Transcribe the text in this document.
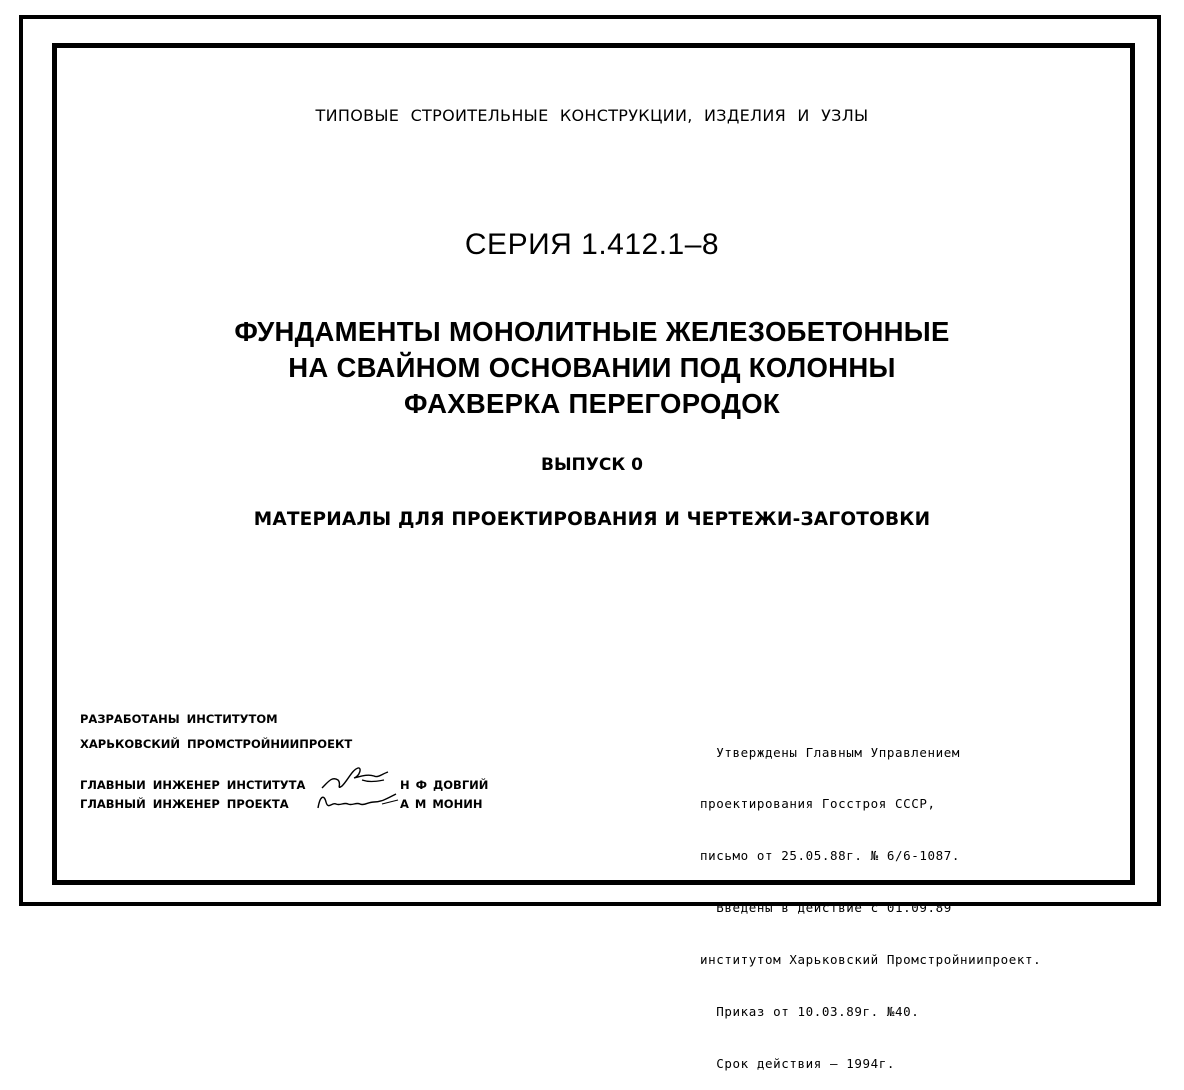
ТИПОВЫЕ СТРОИТЕЛЬНЫЕ КОНСТРУКЦИИ, ИЗДЕЛИЯ И УЗЛЫ
СЕРИЯ 1.412.1–8
ФУНДАМЕНТЫ МОНОЛИТНЫЕ ЖЕЛЕЗОБЕТОННЫЕ
НА СВАЙНОМ ОСНОВАНИИ ПОД КОЛОННЫ
ФАХВЕРКА ПЕРЕГОРОДОК
ВЫПУСК 0
МАТЕРИАЛЫ ДЛЯ ПРОЕКТИРОВАНИЯ И ЧЕРТЕЖИ-ЗАГОТОВКИ
РАЗРАБОТАНЫ ИНСТИТУТОМ
ХАРЬКОВСКИЙ ПРОМСТРОЙНИИПРОЕКТ
ГЛАВНЫИ ИНЖЕНЕР ИНСТИТУТА	Н Ф ДОВГИЙ
ГЛАВНЫЙ ИНЖЕНЕР ПРОЕКТА	А М МОНИН

Утверждены Главным Управлением

проектирования Госстроя СССР,

письмо от 25.05.88г. № 6/6-1087.

Введены в действие с 01.09.89

институтом Харьковский Промстройниипроект.

Приказ от 10.03.89г. №40.

Срок действия — 1994г.
